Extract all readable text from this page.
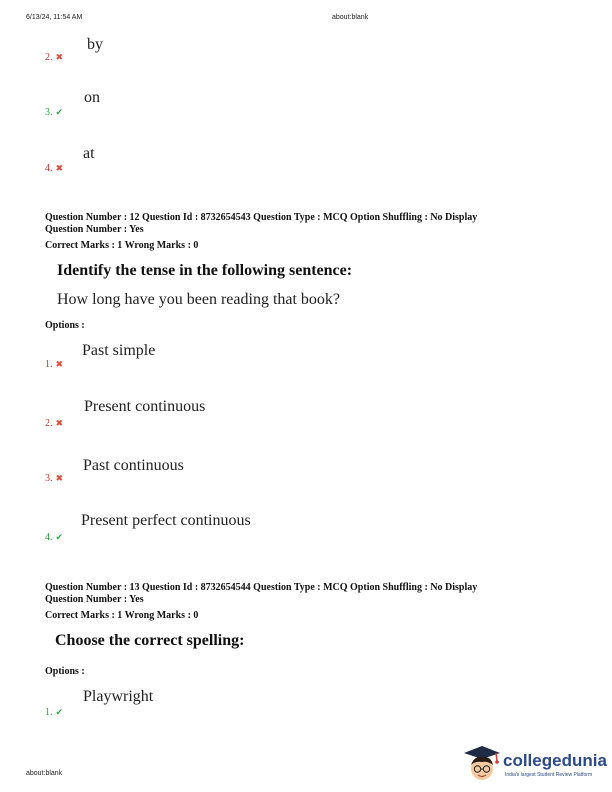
6/13/24, 11:54 AM	about:blank
by
2. ✖
on
3. ✔
at
4. ✖
Question Number : 12 Question Id : 8732654543 Question Type : MCQ Option Shuffling : No Display
Question Number : Yes
Correct Marks : 1 Wrong Marks : 0
Identify the tense in the following sentence:
How long have you been reading that book?
Options :
Past simple
1. ✖
Present continuous
2. ✖
Past continuous
3. ✖
Present perfect continuous
4. ✔
Question Number : 13 Question Id : 8732654544 Question Type : MCQ Option Shuffling : No Display
Question Number : Yes
Correct Marks : 1 Wrong Marks : 0
Choose the correct spelling:
Options :
Playwright
1. ✔
about:blank
collegedunia
India's largest Student Review Platform
